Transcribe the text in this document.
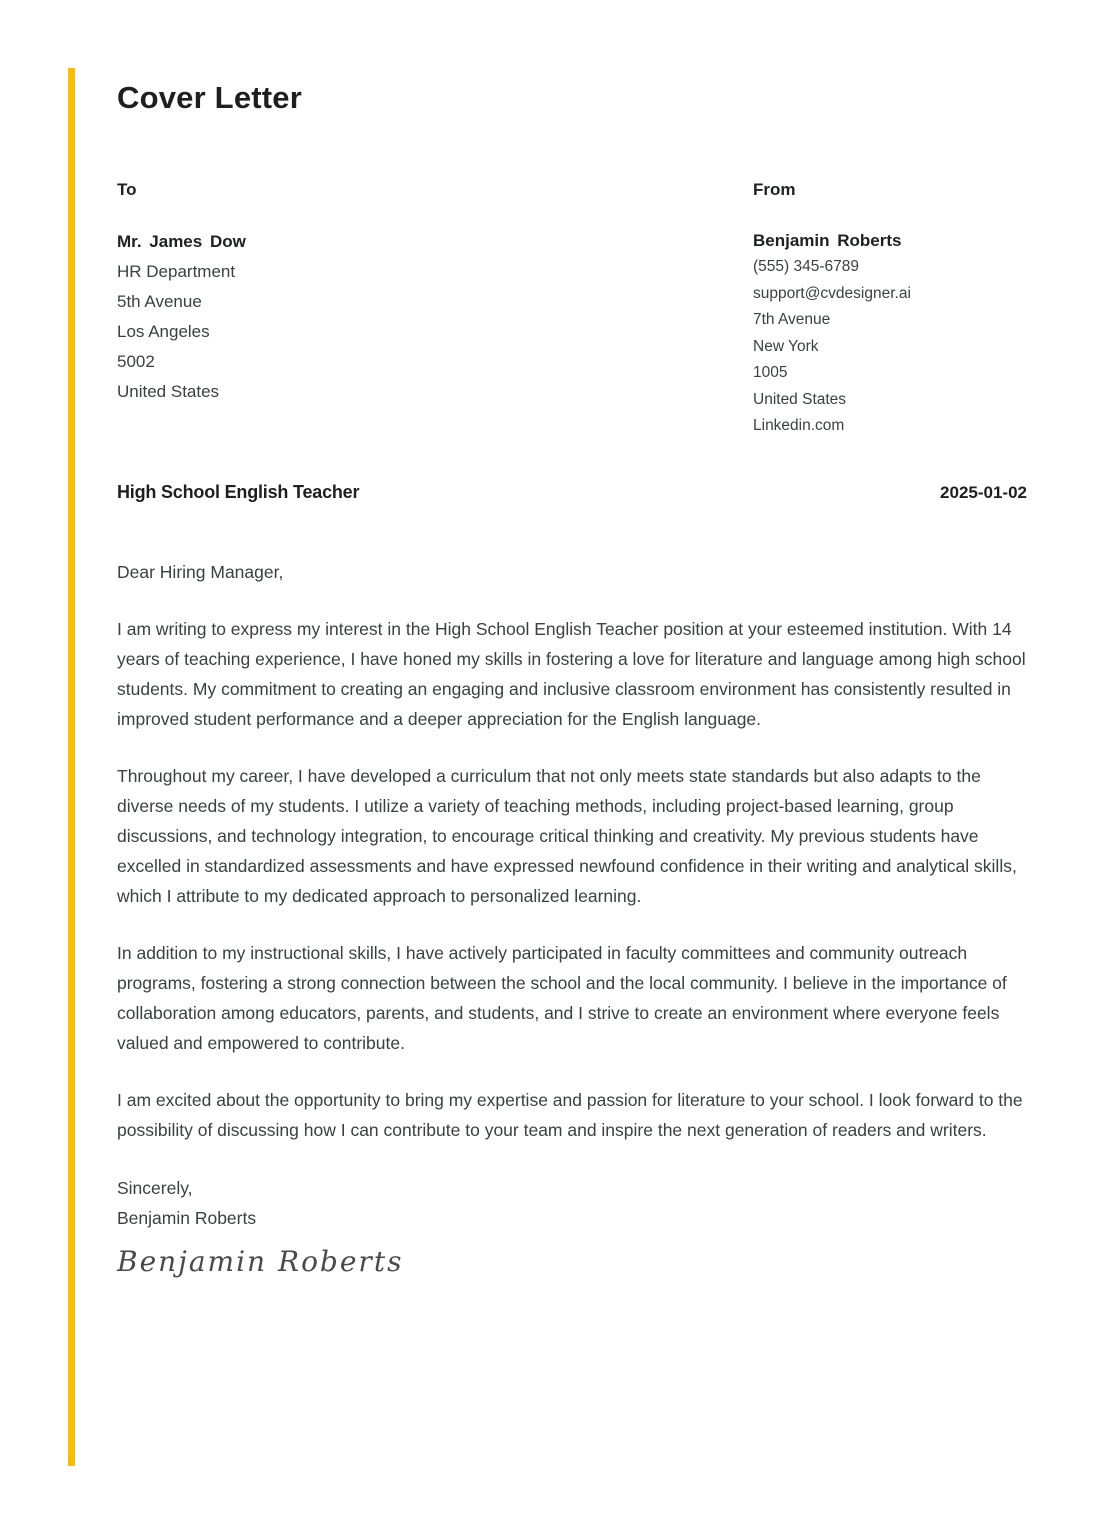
Cover Letter
To
Mr. James Dow
HR Department
5th Avenue
Los Angeles
5002
United States
From
Benjamin Roberts
(555) 345-6789
support@cvdesigner.ai
7th Avenue
New York
1005
United States
Linkedin.com
High School English Teacher	2025-01-02
Dear Hiring Manager,

I am writing to express my interest in the High School English Teacher position at your esteemed institution. With 14 years of teaching experience, I have honed my skills in fostering a love for literature and language among high school students. My commitment to creating an engaging and inclusive classroom environment has consistently resulted in improved student performance and a deeper appreciation for the English language.

Throughout my career, I have developed a curriculum that not only meets state standards but also adapts to the diverse needs of my students. I utilize a variety of teaching methods, including project-based learning, group discussions, and technology integration, to encourage critical thinking and creativity. My previous students have excelled in standardized assessments and have expressed newfound confidence in their writing and analytical skills, which I attribute to my dedicated approach to personalized learning.

In addition to my instructional skills, I have actively participated in faculty committees and community outreach programs, fostering a strong connection between the school and the local community. I believe in the importance of collaboration among educators, parents, and students, and I strive to create an environment where everyone feels valued and empowered to contribute.

I am excited about the opportunity to bring my expertise and passion for literature to your school. I look forward to the possibility of discussing how I can contribute to your team and inspire the next generation of readers and writers.

Sincerely,
Benjamin Roberts
Benjamin Roberts
